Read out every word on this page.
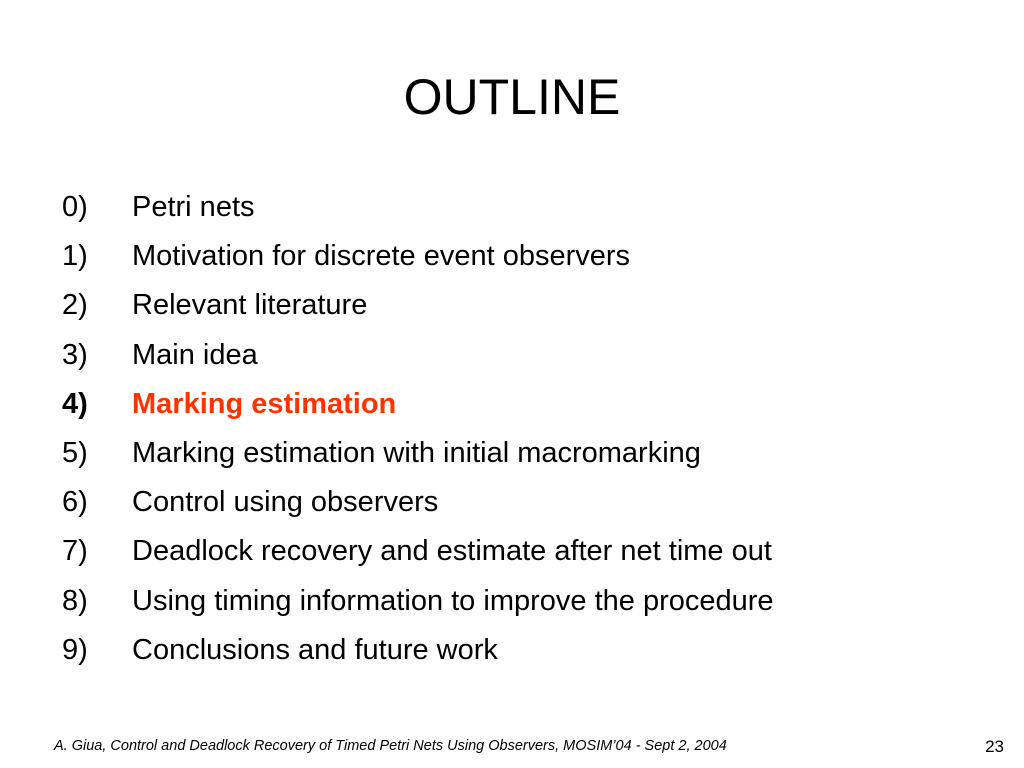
OUTLINE
0)	Petri nets
1)	Motivation for discrete event observers
2)	Relevant literature
3)	Main idea
4)	Marking estimation
5)	Marking estimation with initial macromarking
6)	Control using observers
7)	Deadlock recovery and estimate after net time out
8)	Using timing information to improve the procedure
9)	Conclusions and future work
A. Giua, Control and Deadlock Recovery of Timed Petri Nets Using Observers, MOSIM’04 - Sept 2, 2004	23
